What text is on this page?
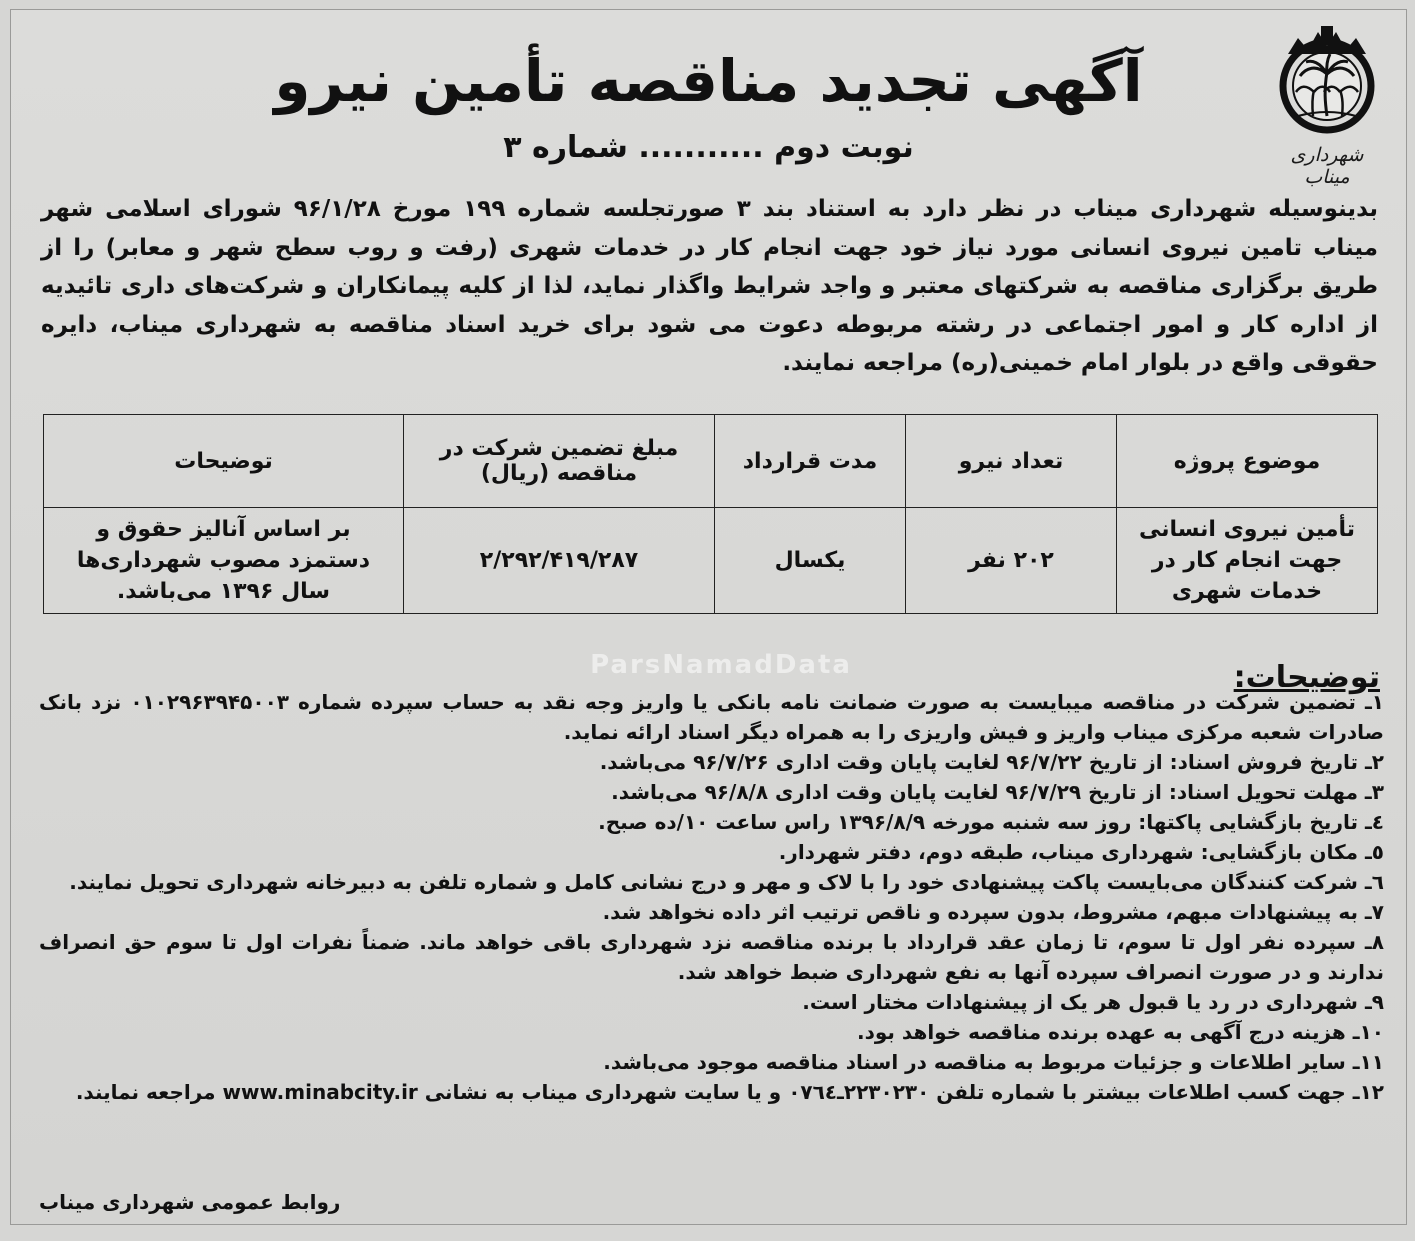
شهرداری میناب
آگهی تجدید مناقصه تأمین نیرو
نوبت دوم ........... شماره ۳
بدینوسیله شهرداری میناب در نظر دارد به استناد بند ۳ صورتجلسه شماره ۱۹۹ مورخ ۹۶/۱/۲۸ شورای اسلامی شهر میناب تامین نیروی انسانی مورد نیاز خود جهت انجام کار در خدمات شهری (رفت و روب سطح شهر و معابر) را از طریق برگزاری مناقصه به شرکتهای معتبر و واجد شرایط واگذار نماید، لذا از کلیه پیمانکاران و شرکت‌های داری تائیدیه از اداره کار و امور اجتماعی در رشته مربوطه دعوت می شود برای خرید اسناد مناقصه به شهرداری میناب، دایره حقوقی واقع در بلوار امام خمینی(ره) مراجعه نمایند.
موضوع پروژه	تعداد نیرو	مدت قرارداد	مبلغ تضمین شرکت در مناقصه (ریال)	توضیحات
تأمین نیروی انسانی جهت انجام کار در خدمات شهری	۲۰۲ نفر	یکسال	۲/۲۹۲/۴۱۹/۲۸۷	بر اساس آنالیز حقوق و دستمزد مصوب شهرداری‌ها سال ۱۳۹۶ می‌باشد.
ParsNamadData	توضیحات:
۱ـ تضمین شرکت در مناقصه میبایست به صورت ضمانت نامه بانکی یا واریز وجه نقد به حساب سپرده شماره ۰۱۰۲۹۶۳۹۴۵۰۰۳ نزد بانک صادرات شعبه مرکزی میناب واریز و فیش واریزی را به همراه دیگر اسناد ارائه نماید.
۲ـ تاریخ فروش اسناد: از تاریخ ۹۶/۷/۲۲ لغایت پایان وقت اداری ۹۶/۷/۲۶ می‌باشد.
۳ـ مهلت تحویل اسناد: از تاریخ ۹۶/۷/۲۹ لغایت پایان وقت اداری ۹۶/۸/۸ می‌باشد.
٤ـ تاریخ بازگشایی پاکتها: روز سه شنبه مورخه ۱۳۹۶/۸/۹ راس ساعت ۱۰/ده صبح.
٥ـ مکان بازگشایی: شهرداری میناب، طبقه دوم، دفتر شهردار.
٦ـ شرکت کنندگان می‌بایست پاکت پیشنهادی خود را با لاک و مهر و درج نشانی کامل و شماره تلفن به دبیرخانه شهرداری تحویل نمایند.
۷ـ به پیشنهادات مبهم، مشروط، بدون سپرده و ناقص ترتیب اثر داده نخواهد شد.
۸ـ سپرده نفر اول تا سوم، تا زمان عقد قرارداد با برنده مناقصه نزد شهرداری باقی خواهد ماند. ضمناً نفرات اول تا سوم حق انصراف ندارند و در صورت انصراف سپرده آنها به نفع شهرداری ضبط خواهد شد.
۹ـ شهرداری در رد یا قبول هر یک از پیشنهادات مختار است.
۱۰ـ هزینه درج آگهی به عهده برنده مناقصه خواهد بود.
۱۱ـ سایر اطلاعات و جزئیات مربوط به مناقصه در اسناد مناقصه موجود می‌باشد.
۱۲ـ جهت کسب اطلاعات بیشتر با شماره تلفن ۲۲۳۰۲۳۰ـ۰۷٦٤ و یا سایت شهرداری میناب به نشانی www.minabcity.ir مراجعه نمایند.
روابط عمومی شهرداری میناب
